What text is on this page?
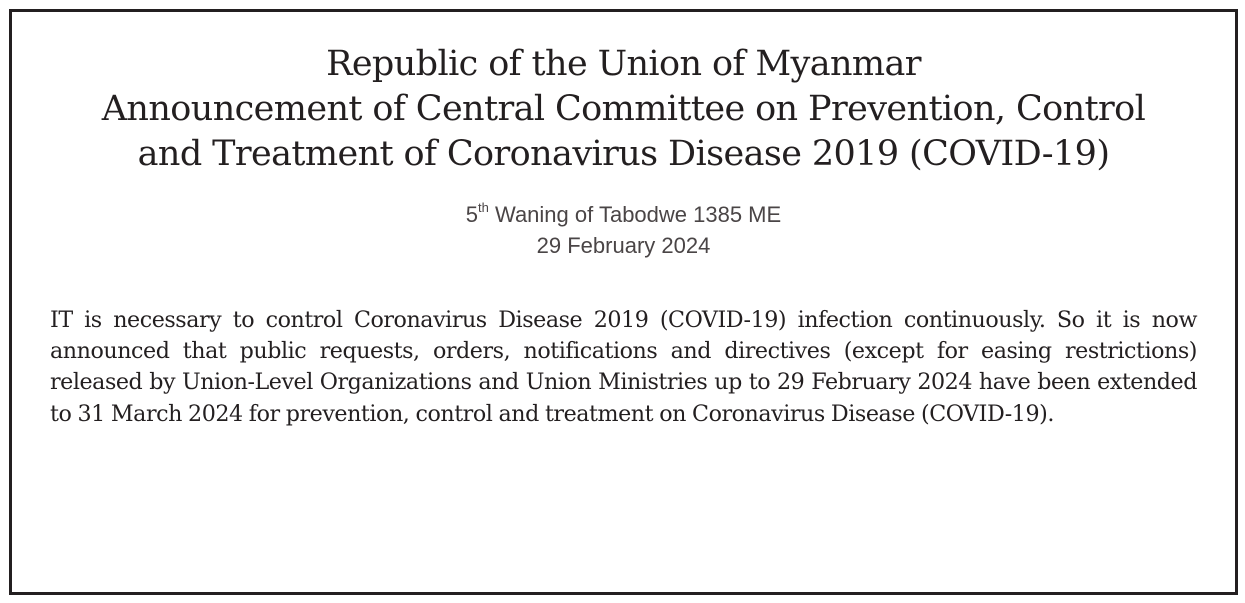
Republic of the Union of Myanmar
Announcement of Central Committee on Prevention, Control
and Treatment of Coronavirus Disease 2019 (COVID-19)
5th Waning of Tabodwe 1385 ME
29 February 2024

IT is necessary to control Coronavirus Disease 2019 (COVID-19) infection continuously. So it is now announced that public requests, orders, notifications and directives (except for easing restrictions) released by Union-Level Organizations and Union Ministries up to 29 February 2024 have been extended to 31 March 2024 for prevention, control and treatment on Coronavirus Disease (COVID-19).
